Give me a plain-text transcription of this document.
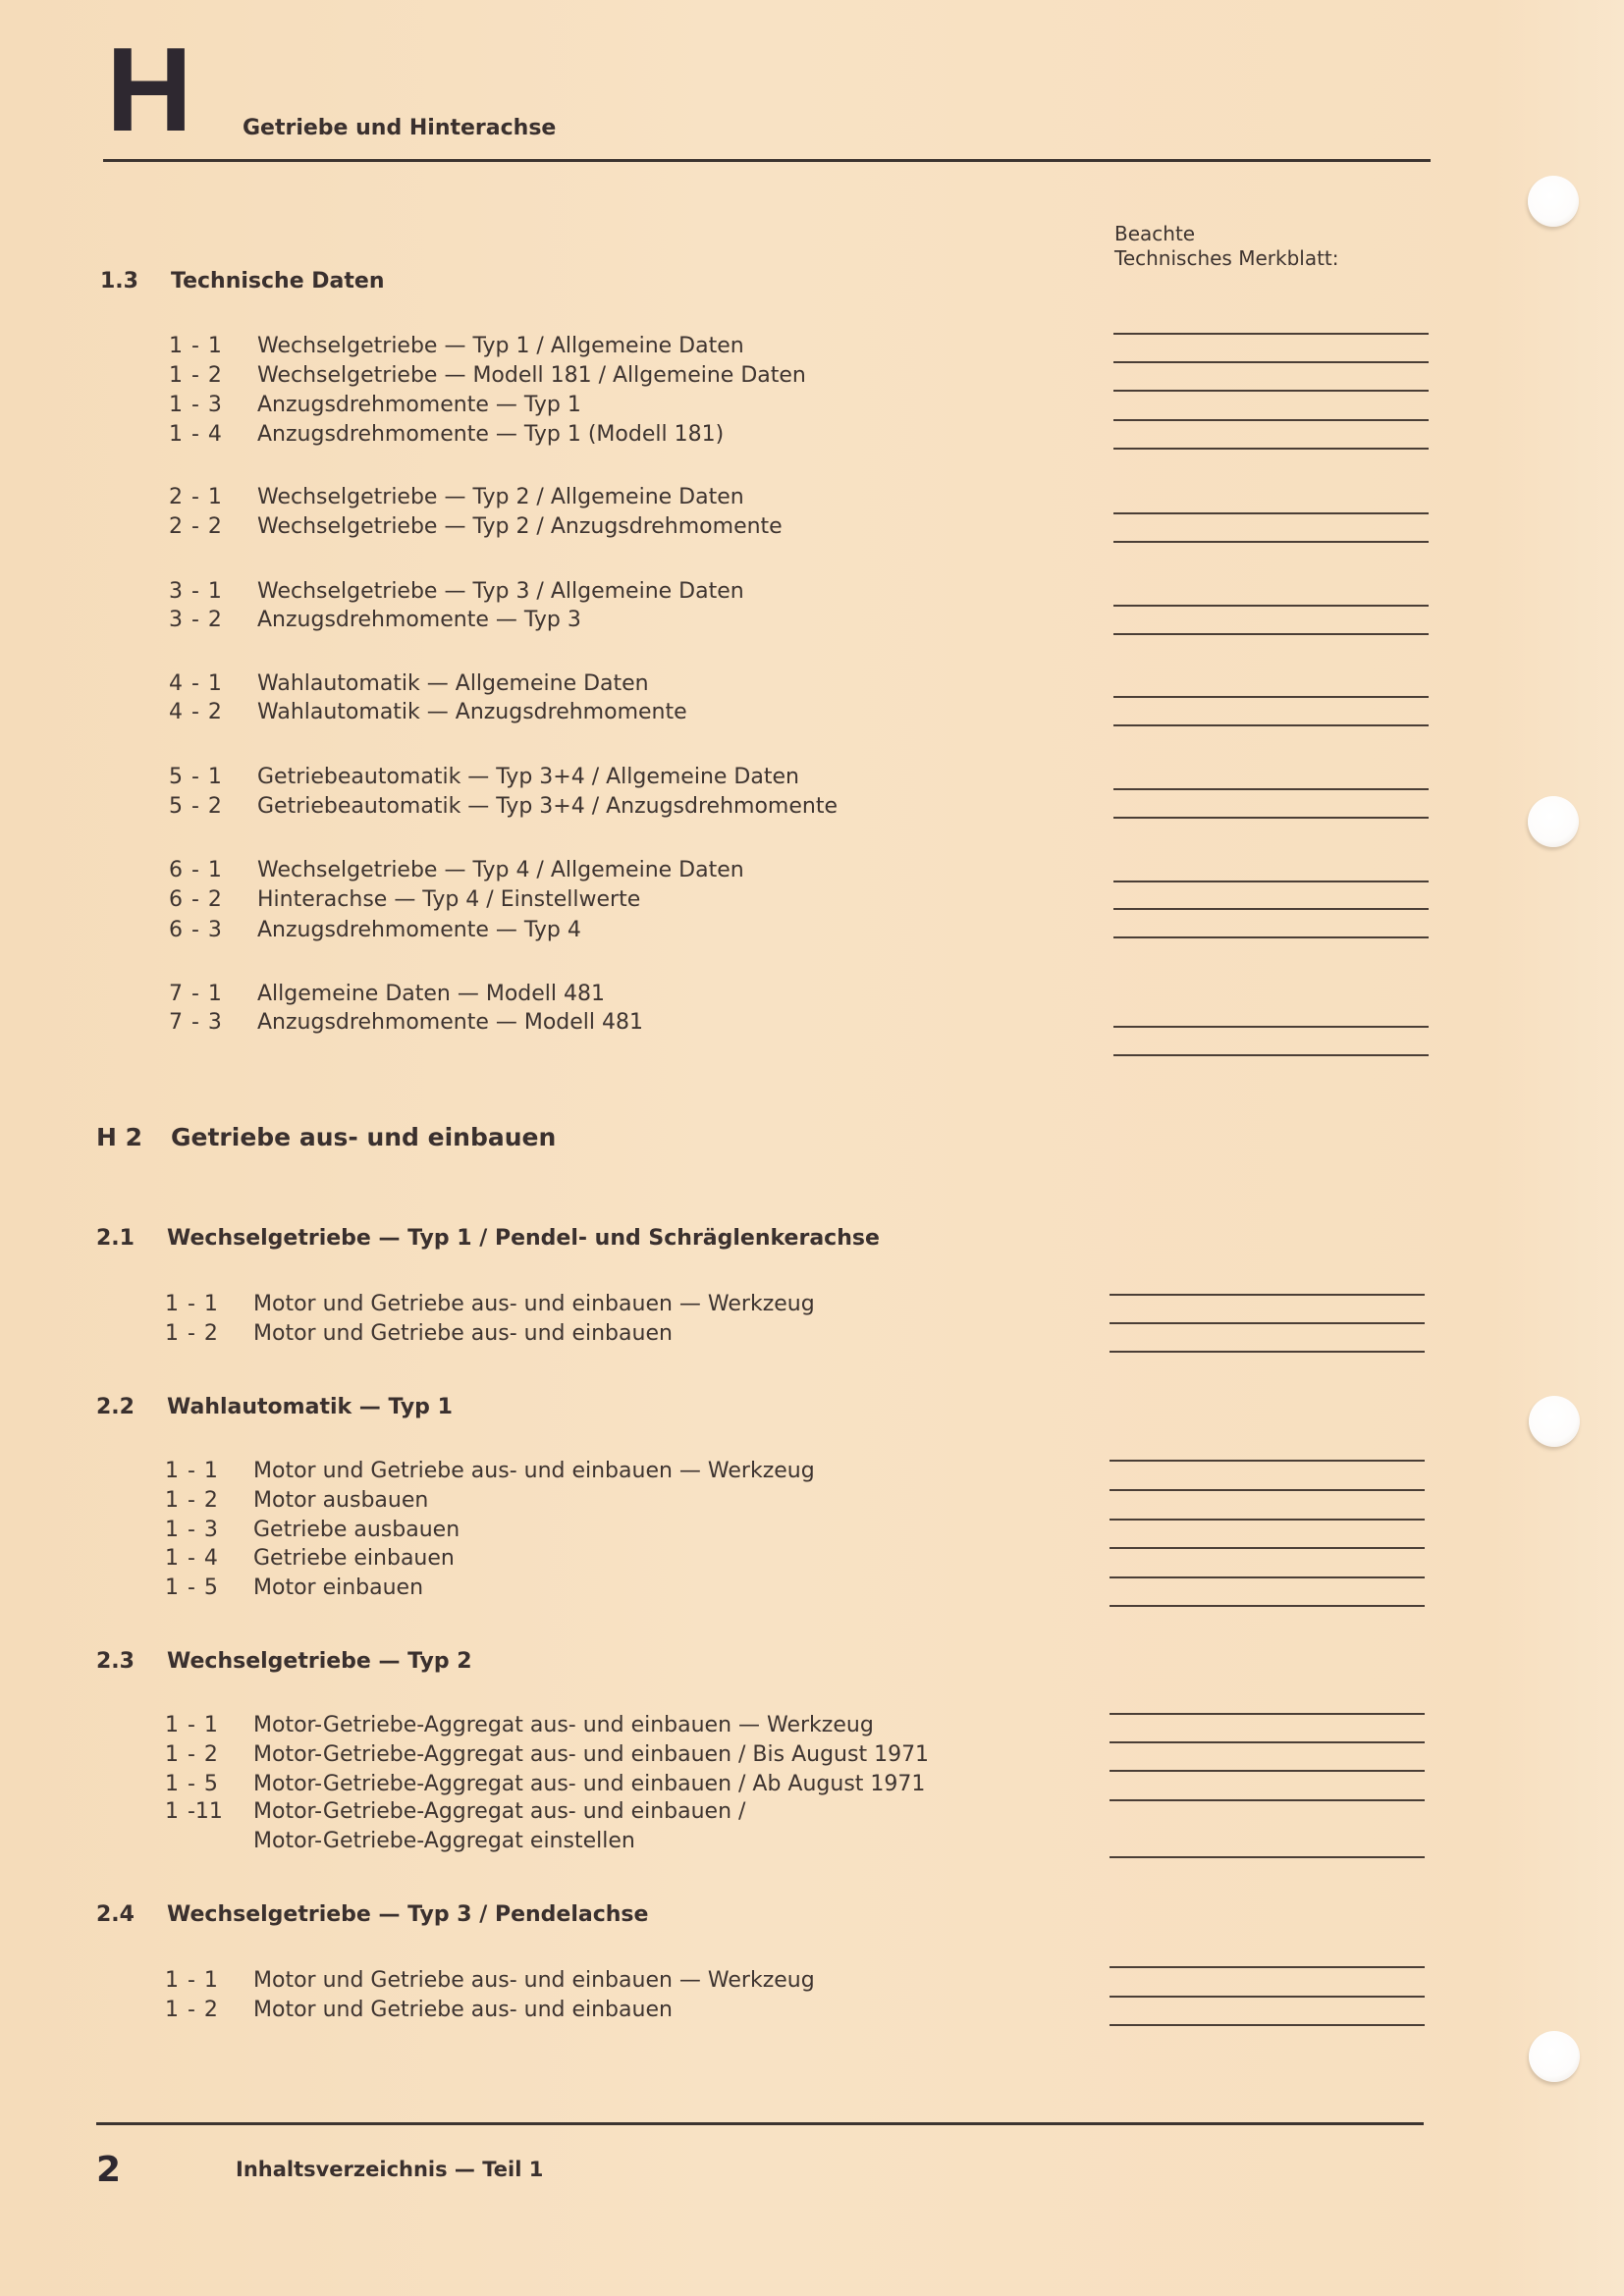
H Getriebe und Hinterachse
Beachte
Technisches Merkblatt:
1.3 Technische Daten
H 2 Getriebe aus- und einbauen
2.1 Wechselgetriebe — Typ 1 / Pendel- und Schräglenkerachse
2.2 Wahlautomatik — Typ 1
2.3 Wechselgetriebe — Typ 2
2.4 Wechselgetriebe — Typ 3 / Pendelachse
1 - 1 Wechselgetriebe — Typ 1 / Allgemeine Daten
1 - 2 Wechselgetriebe — Modell 181 / Allgemeine Daten
1 - 3 Anzugsdrehmomente — Typ 1
1 - 4 Anzugsdrehmomente — Typ 1 (Modell 181)
2 - 1 Wechselgetriebe — Typ 2 / Allgemeine Daten
2 - 2 Wechselgetriebe — Typ 2 / Anzugsdrehmomente
3 - 1 Wechselgetriebe — Typ 3 / Allgemeine Daten
3 - 2 Anzugsdrehmomente — Typ 3
4 - 1 Wahlautomatik — Allgemeine Daten
4 - 2 Wahlautomatik — Anzugsdrehmomente
5 - 1 Getriebeautomatik — Typ 3+4 / Allgemeine Daten
5 - 2 Getriebeautomatik — Typ 3+4 / Anzugsdrehmomente
6 - 1 Wechselgetriebe — Typ 4 / Allgemeine Daten
6 - 2 Hinterachse — Typ 4 / Einstellwerte
6 - 3 Anzugsdrehmomente — Typ 4
7 - 1 Allgemeine Daten — Modell 481
7 - 3 Anzugsdrehmomente — Modell 481
1 - 1 Motor und Getriebe aus- und einbauen — Werkzeug
1 - 2 Motor und Getriebe aus- und einbauen
1 - 1 Motor und Getriebe aus- und einbauen — Werkzeug
1 - 2 Motor ausbauen
1 - 3 Getriebe ausbauen
1 - 4 Getriebe einbauen
1 - 5 Motor einbauen
1 - 1 Motor-Getriebe-Aggregat aus- und einbauen — Werkzeug
1 - 2 Motor-Getriebe-Aggregat aus- und einbauen / Bis August 1971
1 - 5 Motor-Getriebe-Aggregat aus- und einbauen / Ab August 1971
1 -11 Motor-Getriebe-Aggregat aus- und einbauen /
Motor-Getriebe-Aggregat einstellen
1 - 1 Motor und Getriebe aus- und einbauen — Werkzeug
1 - 2 Motor und Getriebe aus- und einbauen
2	Inhaltsverzeichnis — Teil 1
